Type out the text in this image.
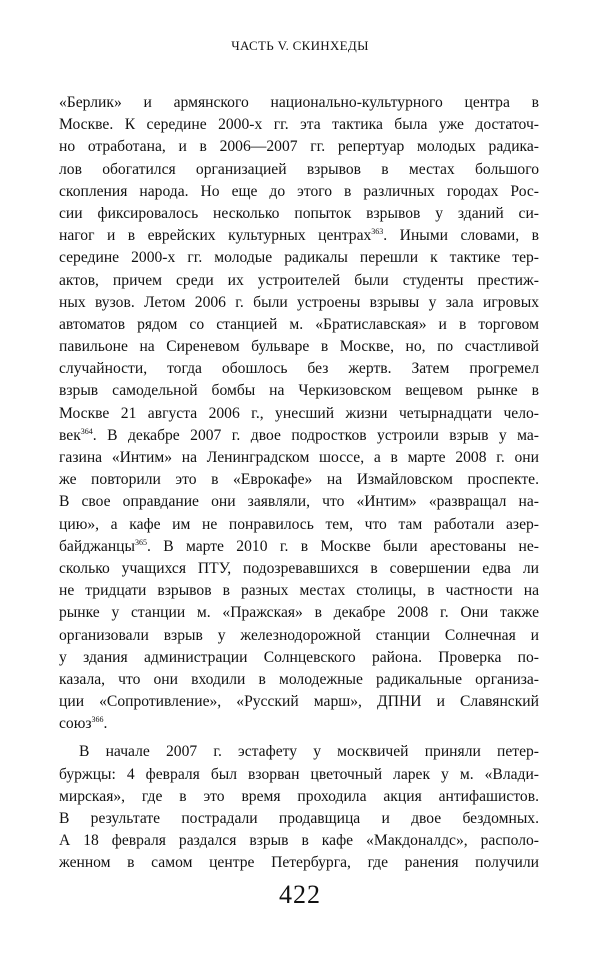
ЧАСТЬ V. СКИНХЕДЫ
«Берлик» и армянского национально-культурного центра в
Москве. К середине 2000-х гг. эта тактика была уже достаточ-
но отработана, и в 2006—2007 гг. репертуар молодых радика-
лов обогатился организацией взрывов в местах большого
скопления народа. Но еще до этого в различных городах Рос-
сии фиксировалось несколько попыток взрывов у зданий си-
нагог и в еврейских культурных центрах$^{363}$. Иными словами, в
середине 2000-х гг. молодые радикалы перешли к тактике тер-
актов, причем среди их устроителей были студенты престиж-
ных вузов. Летом 2006 г. были устроены взрывы у зала игровых
автоматов рядом со станцией м. «Братиславская» и в торговом
павильоне на Сиреневом бульваре в Москве, но, по счастливой
случайности, тогда обошлось без жертв. Затем прогремел
взрыв самодельной бомбы на Черкизовском вещевом рынке в
Москве 21 августа 2006 г., унесший жизни четырнадцати чело-
век$^{364}$. В декабре 2007 г. двое подростков устроили взрыв у ма-
газина «Интим» на Ленинградском шоссе, а в марте 2008 г. они
же повторили это в «Еврокафе» на Измайловском проспекте.
В свое оправдание они заявляли, что «Интим» «развращал на-
цию», а кафе им не понравилось тем, что там работали азер-
байджанцы$^{365}$. В марте 2010 г. в Москве были арестованы не-
сколько учащихся ПТУ, подозревавшихся в совершении едва ли
не тридцати взрывов в разных местах столицы, в частности на
рынке у станции м. «Пражская» в декабре 2008 г. Они также
организовали взрыв у железнодорожной станции Солнечная и
у здания администрации Солнцевского района. Проверка по-
казала, что они входили в молодежные радикальные организа-
ции «Сопротивление», «Русский марш», ДПНИ и Славянский
союз$^{366}$.
В начале 2007 г. эстафету у москвичей приняли петер-
буржцы: 4 февраля был взорван цветочный ларек у м. «Влади-
мирская», где в это время проходила акция антифашистов.
В результате пострадали продавщица и двое бездомных.
А 18 февраля раздался взрыв в кафе «Макдоналдс», располо-
женном в самом центре Петербурга, где ранения получили
422
